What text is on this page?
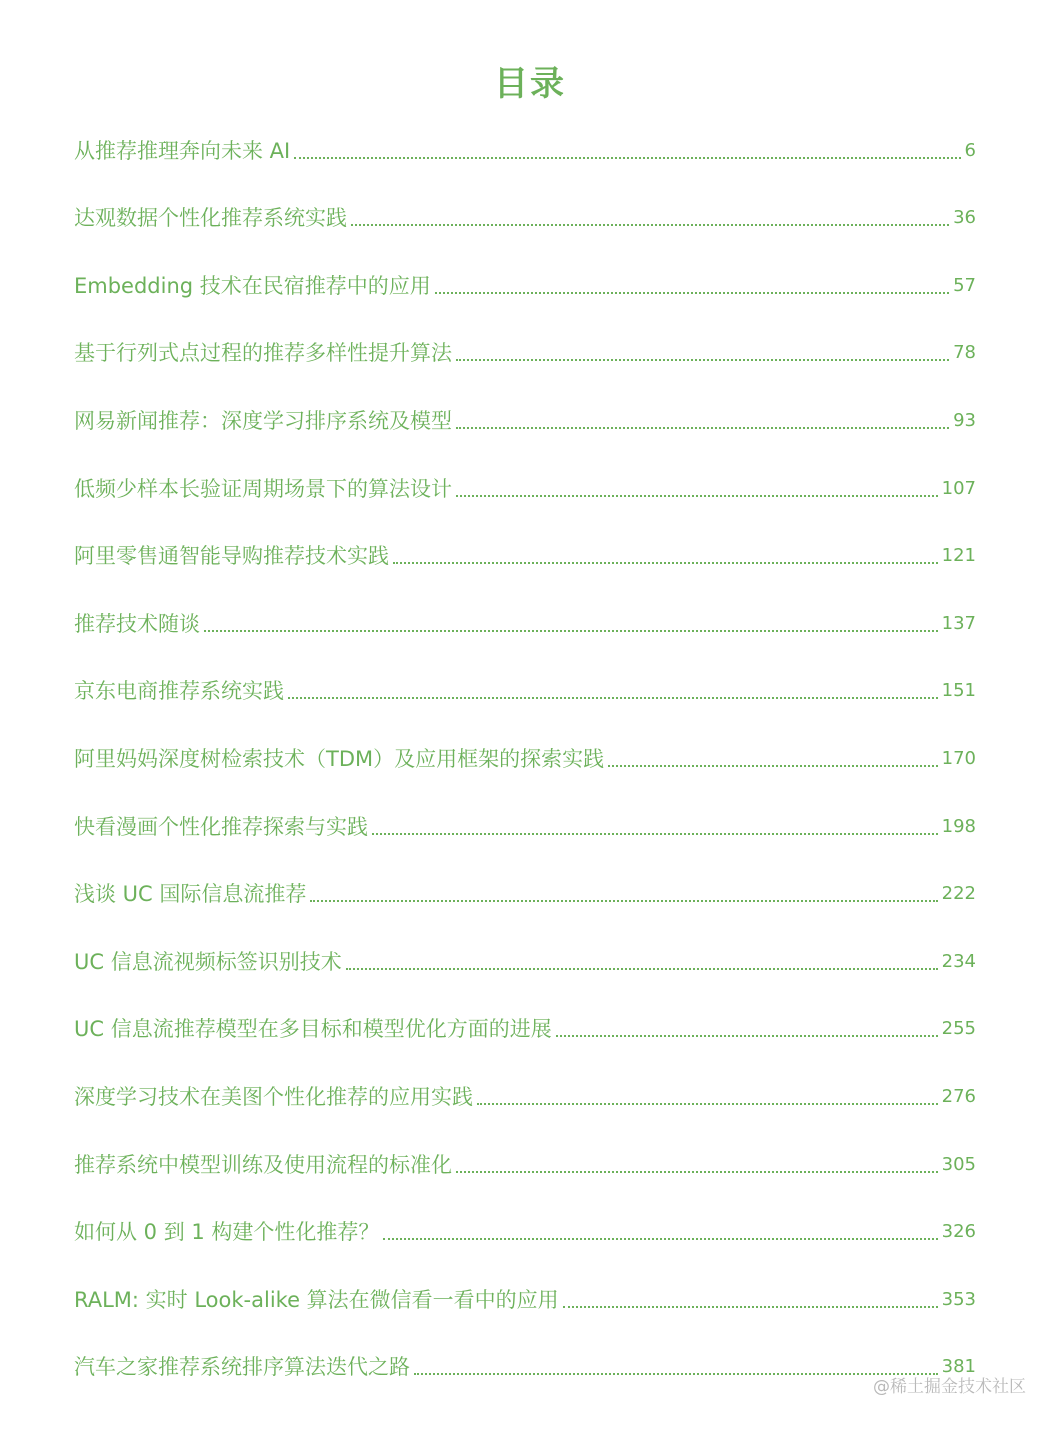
目录
从推荐推理奔向未来 AI	6
达观数据个性化推荐系统实践	36
Embedding 技术在民宿推荐中的应用	57
基于行列式点过程的推荐多样性提升算法	78
网易新闻推荐：深度学习排序系统及模型	93
低频少样本长验证周期场景下的算法设计	107
阿里零售通智能导购推荐技术实践	121
推荐技术随谈	137
京东电商推荐系统实践	151
阿里妈妈深度树检索技术（TDM）及应用框架的探索实践	170
快看漫画个性化推荐探索与实践	198
浅谈 UC 国际信息流推荐	222
UC 信息流视频标签识别技术	234
UC 信息流推荐模型在多目标和模型优化方面的进展	255
深度学习技术在美图个性化推荐的应用实践	276
推荐系统中模型训练及使用流程的标准化	305
如何从 0 到 1 构建个性化推荐？	326
RALM: 实时 Look-alike 算法在微信看一看中的应用	353
汽车之家推荐系统排序算法迭代之路	381
@稀土掘金技术社区
